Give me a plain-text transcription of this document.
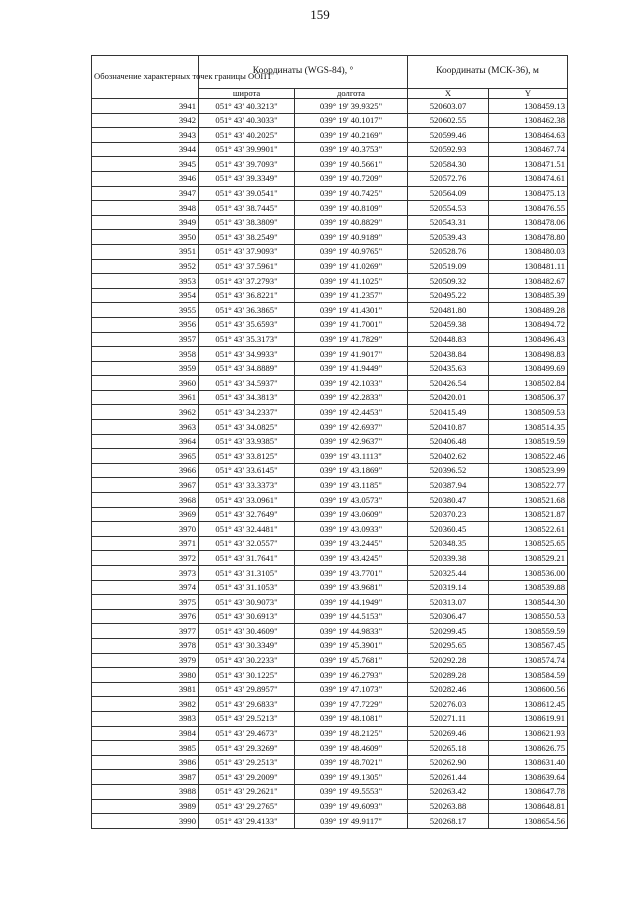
159
Обозначение характерных точек границы ООПТ	Координаты (WGS-84), °		Координаты (МСК-36), м	
	широта	долгота	X	Y
3941	051° 43' 40.3213"	039° 19' 39.9325"	520603.07	1308459.13
3942	051° 43' 40.3033"	039° 19' 40.1017"	520602.55	1308462.38
3943	051° 43' 40.2025"	039° 19' 40.2169"	520599.46	1308464.63
3944	051° 43' 39.9901"	039° 19' 40.3753"	520592.93	1308467.74
3945	051° 43' 39.7093"	039° 19' 40.5661"	520584.30	1308471.51
3946	051° 43' 39.3349"	039° 19' 40.7209"	520572.76	1308474.61
3947	051° 43' 39.0541"	039° 19' 40.7425"	520564.09	1308475.13
3948	051° 43' 38.7445"	039° 19' 40.8109"	520554.53	1308476.55
3949	051° 43' 38.3809"	039° 19' 40.8829"	520543.31	1308478.06
3950	051° 43' 38.2549"	039° 19' 40.9189"	520539.43	1308478.80
3951	051° 43' 37.9093"	039° 19' 40.9765"	520528.76	1308480.03
3952	051° 43' 37.5961"	039° 19' 41.0269"	520519.09	1308481.11
3953	051° 43' 37.2793"	039° 19' 41.1025"	520509.32	1308482.67
3954	051° 43' 36.8221"	039° 19' 41.2357"	520495.22	1308485.39
3955	051° 43' 36.3865"	039° 19' 41.4301"	520481.80	1308489.28
3956	051° 43' 35.6593"	039° 19' 41.7001"	520459.38	1308494.72
3957	051° 43' 35.3173"	039° 19' 41.7829"	520448.83	1308496.43
3958	051° 43' 34.9933"	039° 19' 41.9017"	520438.84	1308498.83
3959	051° 43' 34.8889"	039° 19' 41.9449"	520435.63	1308499.69
3960	051° 43' 34.5937"	039° 19' 42.1033"	520426.54	1308502.84
3961	051° 43' 34.3813"	039° 19' 42.2833"	520420.01	1308506.37
3962	051° 43' 34.2337"	039° 19' 42.4453"	520415.49	1308509.53
3963	051° 43' 34.0825"	039° 19' 42.6937"	520410.87	1308514.35
3964	051° 43' 33.9385"	039° 19' 42.9637"	520406.48	1308519.59
3965	051° 43' 33.8125"	039° 19' 43.1113"	520402.62	1308522.46
3966	051° 43' 33.6145"	039° 19' 43.1869"	520396.52	1308523.99
3967	051° 43' 33.3373"	039° 19' 43.1185"	520387.94	1308522.77
3968	051° 43' 33.0961"	039° 19' 43.0573"	520380.47	1308521.68
3969	051° 43' 32.7649"	039° 19' 43.0609"	520370.23	1308521.87
3970	051° 43' 32.4481"	039° 19' 43.0933"	520360.45	1308522.61
3971	051° 43' 32.0557"	039° 19' 43.2445"	520348.35	1308525.65
3972	051° 43' 31.7641"	039° 19' 43.4245"	520339.38	1308529.21
3973	051° 43' 31.3105"	039° 19' 43.7701"	520325.44	1308536.00
3974	051° 43' 31.1053"	039° 19' 43.9681"	520319.14	1308539.88
3975	051° 43' 30.9073"	039° 19' 44.1949"	520313.07	1308544.30
3976	051° 43' 30.6913"	039° 19' 44.5153"	520306.47	1308550.53
3977	051° 43' 30.4609"	039° 19' 44.9833"	520299.45	1308559.59
3978	051° 43' 30.3349"	039° 19' 45.3901"	520295.65	1308567.45
3979	051° 43' 30.2233"	039° 19' 45.7681"	520292.28	1308574.74
3980	051° 43' 30.1225"	039° 19' 46.2793"	520289.28	1308584.59
3981	051° 43' 29.8957"	039° 19' 47.1073"	520282.46	1308600.56
3982	051° 43' 29.6833"	039° 19' 47.7229"	520276.03	1308612.45
3983	051° 43' 29.5213"	039° 19' 48.1081"	520271.11	1308619.91
3984	051° 43' 29.4673"	039° 19' 48.2125"	520269.46	1308621.93
3985	051° 43' 29.3269"	039° 19' 48.4609"	520265.18	1308626.75
3986	051° 43' 29.2513"	039° 19' 48.7021"	520262.90	1308631.40
3987	051° 43' 29.2009"	039° 19' 49.1305"	520261.44	1308639.64
3988	051° 43' 29.2621"	039° 19' 49.5553"	520263.42	1308647.78
3989	051° 43' 29.2765"	039° 19' 49.6093"	520263.88	1308648.81
3990	051° 43' 29.4133"	039° 19' 49.9117"	520268.17	1308654.56
